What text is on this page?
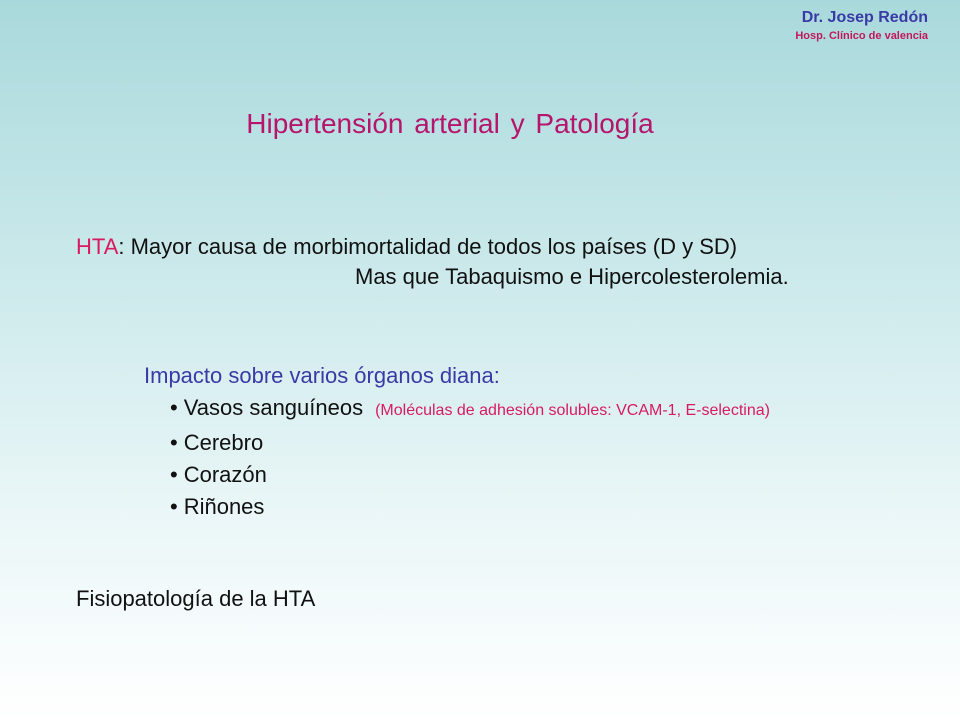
Dr. Josep Redón
Hosp. Clínico de valencia
Hipertensión arterial y Patología
HTA: Mayor causa de morbimortalidad de todos los países (D y SD)
Mas que Tabaquismo e Hipercolesterolemia.
Impacto sobre varios órganos diana:
• Vasos sanguíneos (Moléculas de adhesión solubles: VCAM-1, E-selectina)
• Cerebro
• Corazón
• Riñones
Fisiopatología de la HTA
